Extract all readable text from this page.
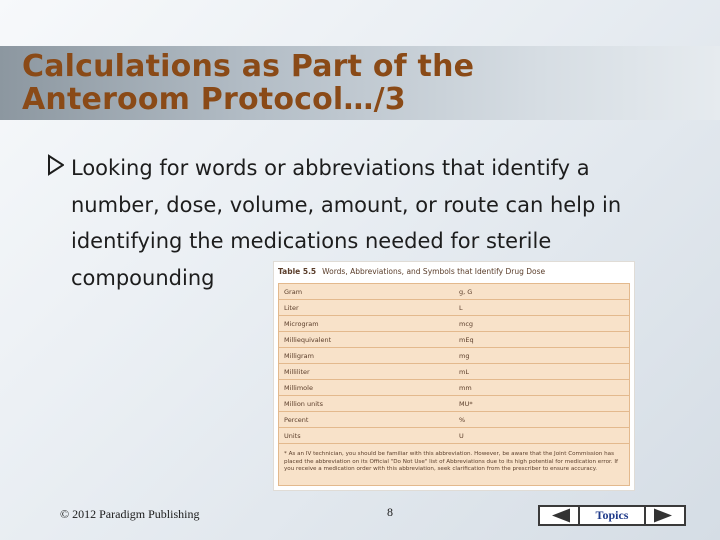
Calculations as Part of the
Anteroom Protocol…/3
Looking for words or abbreviations that identify a number, dose, volume, amount, or route can help in identifying the medications needed for sterile compounding	Table 5.5 Words, Abbreviations, and Symbols that Identify Drug Dose
Gram	g, G
Liter	L
Microgram	mcg
Milliequivalent	mEq
Milligram	mg
Milliliter	mL
Millimole	mm
Million units	MU*
Percent	%
Units	U
* As an IV technician, you should be familiar with this abbreviation. However, be aware that the Joint Commission has placed the abbreviation on its Official "Do Not Use" list of Abbreviations due to its high potential for medication error. If you receive a medication order with this abbreviation, seek clarification from the prescriber to ensure accuracy.
© 2012 Paradigm Publishing	8	Topics
